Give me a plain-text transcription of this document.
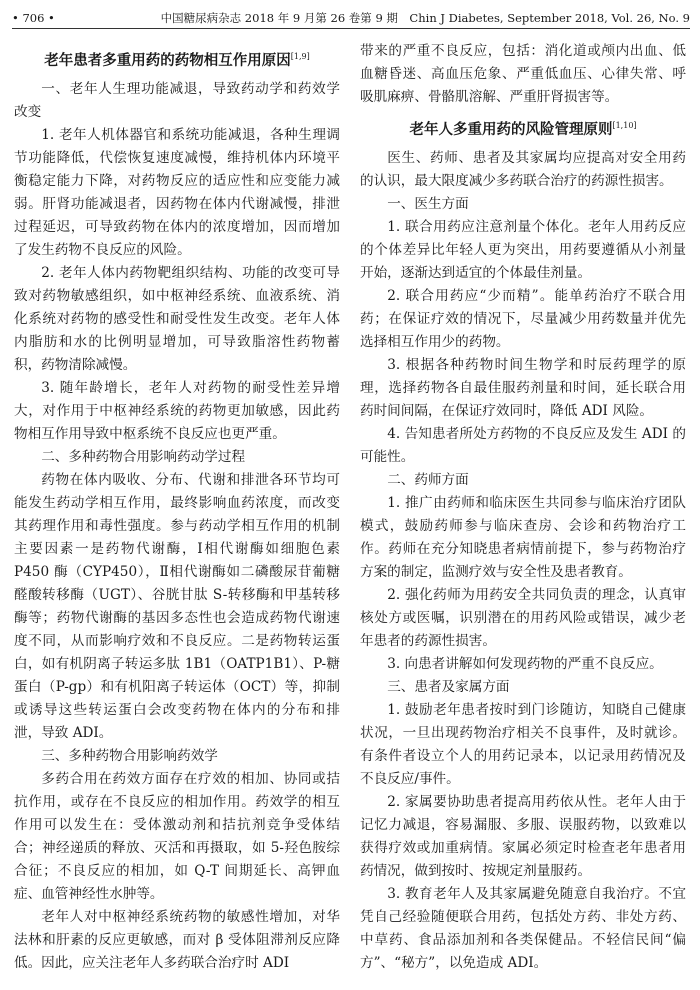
• 706 •	中国糖尿病杂志 2018 年 9 月第 26 卷第 9 期　Chin J Diabetes, September 2018, Vol. 26, No. 9
老年患者多重用药的药物相互作用原因[1,9]

一、老年人生理功能减退，导致药动学和药效学改变

1. 老年人机体器官和系统功能减退，各种生理调节功能降低，代偿恢复速度减慢，维持机体内环境平衡稳定能力下降，对药物反应的适应性和应变能力减弱。肝肾功能减退者，因药物在体内代谢减慢，排泄过程延迟，可导致药物在体内的浓度增加，因而增加了发生药物不良反应的风险。

2. 老年人体内药物靶组织结构、功能的改变可导致对药物敏感组织，如中枢神经系统、血液系统、消化系统对药物的感受性和耐受性发生改变。老年人体内脂肪和水的比例明显增加，可导致脂溶性药物蓄积，药物清除减慢。

3. 随年龄增长，老年人对药物的耐受性差异增大，对作用于中枢神经系统的药物更加敏感，因此药物相互作用导致中枢系统不良反应也更严重。

二、多种药物合用影响药动学过程

药物在体内吸收、分布、代谢和排泄各环节均可能发生药动学相互作用，最终影响血药浓度，而改变其药理作用和毒性强度。参与药动学相互作用的机制主要因素一是药物代谢酶，Ⅰ相代谢酶如细胞色素 P450 酶（CYP450），Ⅱ相代谢酶如二磷酸尿苷葡糖醛酸转移酶（UGT）、谷胱甘肽 S-转移酶和甲基转移酶等；药物代谢酶的基因多态性也会造成药物代谢速度不同，从而影响疗效和不良反应。二是药物转运蛋白，如有机阴离子转运多肽 1B1（OATP1B1）、P-糖蛋白（P-gp）和有机阳离子转运体（OCT）等，抑制或诱导这些转运蛋白会改变药物在体内的分布和排泄，导致 ADI。

三、多种药物合用影响药效学

多药合用在药效方面存在疗效的相加、协同或拮抗作用，或存在不良反应的相加作用。药效学的相互作用可以发生在：受体激动剂和拮抗剂竞争受体结合；神经递质的释放、灭活和再摄取，如 5-羟色胺综合征；不良反应的相加，如 Q-T 间期延长、高钾血症、血管神经性水肿等。

老年人对中枢神经系统药物的敏感性增加，对华法林和肝素的反应更敏感，而对 β 受体阻滞剂反应降低。因此，应关注老年人多药联合治疗时 ADI

带来的严重不良反应，包括：消化道或颅内出血、低血糖昏迷、高血压危象、严重低血压、心律失常、呼吸肌麻痹、骨骼肌溶解、严重肝肾损害等。

老年人多重用药的风险管理原则[1,10]

医生、药师、患者及其家属均应提高对安全用药的认识，最大限度减少多药联合治疗的药源性损害。

一、医生方面

1. 联合用药应注意剂量个体化。老年人用药反应的个体差异比年轻人更为突出，用药要遵循从小剂量开始，逐渐达到适宜的个体最佳剂量。

2. 联合用药应“少而精”。能单药治疗不联合用药；在保证疗效的情况下，尽量减少用药数量并优先选择相互作用少的药物。

3. 根据各种药物时间生物学和时辰药理学的原理，选择药物各自最佳服药剂量和时间，延长联合用药时间间隔，在保证疗效同时，降低 ADI 风险。

4. 告知患者所处方药物的不良反应及发生 ADI 的可能性。

二、药师方面

1. 推广由药师和临床医生共同参与临床治疗团队模式，鼓励药师参与临床查房、会诊和药物治疗工作。药师在充分知晓患者病情前提下，参与药物治疗方案的制定，监测疗效与安全性及患者教育。

2. 强化药师为用药安全共同负责的理念，认真审核处方或医嘱，识别潜在的用药风险或错误，减少老年患者的药源性损害。

3. 向患者讲解如何发现药物的严重不良反应。

三、患者及家属方面

1. 鼓励老年患者按时到门诊随访，知晓自己健康状况，一旦出现药物治疗相关不良事件，及时就诊。有条件者设立个人的用药记录本，以记录用药情况及不良反应/事件。

2. 家属要协助患者提高用药依从性。老年人由于记忆力减退，容易漏服、多服、误服药物，以致难以获得疗效或加重病情。家属必须定时检查老年患者用药情况，做到按时、按规定剂量服药。

3. 教育老年人及其家属避免随意自我治疗。不宜凭自己经验随便联合用药，包括处方药、非处方药、中草药、食品添加剂和各类保健品。不轻信民间“偏方”、“秘方”，以免造成 ADI。
